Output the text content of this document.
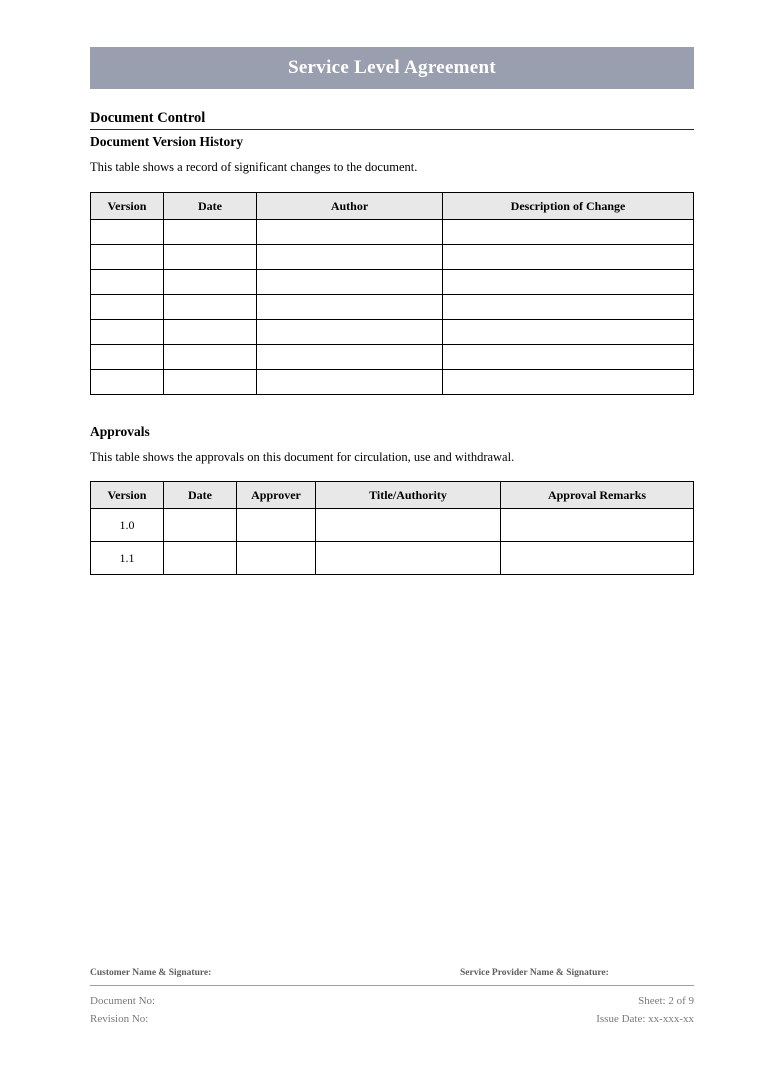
Service Level Agreement
Document Control
Document Version History
This table shows a record of significant changes to the document.
Version	Date	Author	Description of Change

Approvals
This table shows the approvals on this document for circulation, use and withdrawal.
Version	Date	Approver	Title/Authority	Approval Remarks
1.0				
1.1				
Customer Name & Signature:	Service Provider Name & Signature:
Document No:	Sheet: 2 of 9
Revision No:	Issue Date: xx-xxx-xx
